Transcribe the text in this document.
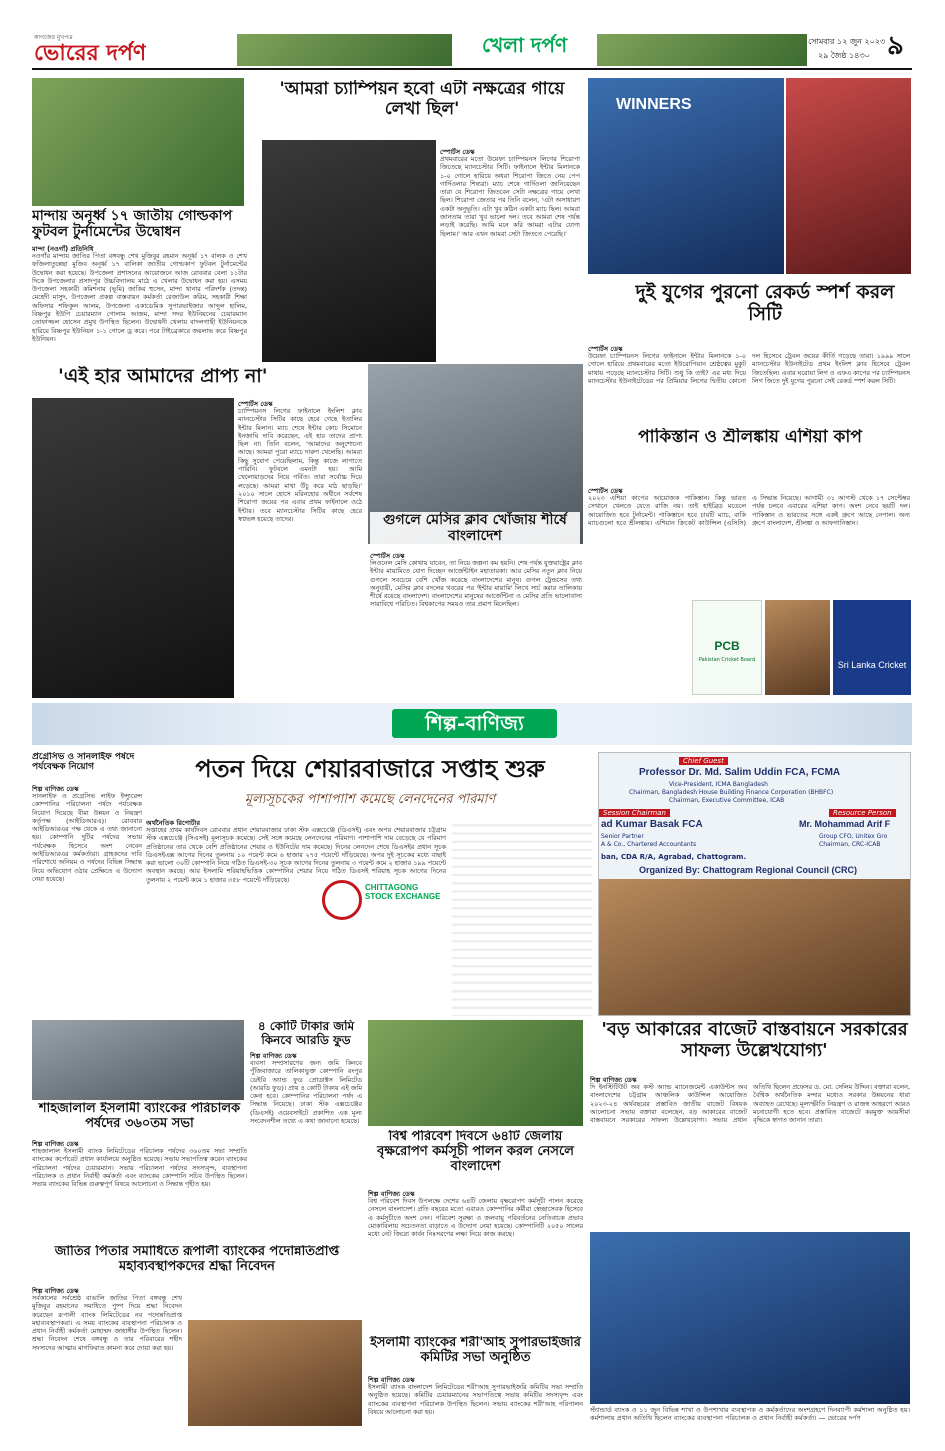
কাগজের মুখপত্র
ভোরের দর্পণ	খেলা দর্পণ	সোমবার ১২ জুন ২০২৩
২৯ জৈষ্ঠ ১৪৩০ ৯
মান্দায় অনূর্ধ্ব ১৭ জাতীয় গোল্ডকাপ ফুটবল টুর্নামেন্টের উদ্বোধন
মান্দা (নওগাঁ) প্রতিনিধি
নওগাঁর মান্দায় জাতির পিতা বঙ্গবন্ধু শেখ মুজিবুর রহমান অনূর্ধ্ব ১৭ বালক ও শেখ ফজিলাতুন্নেছা মুজিব অনূর্ধ্ব ১৭ বালিকা জাতীয় গোল্ডকাপ ফুটবল টুর্নামেন্টের উদ্বোধন করা হয়েছে। উপজেলা প্রশাসনের আয়োজনে আজ রোববার বেলা ১১টার দিকে উপজেলার প্রসাদপুর উচ্চবিদ্যালয় মাঠে এ খেলার উদ্বোধন করা হয়। এসময় উপজেলা সহকারী কমিশনার (ভূমি) জাকির হুসেন, মান্দা থানার পরিদর্শক (তদন্ত) মেহেদী মাসুদ, উপজেলা প্রকল্প বাস্তবায়ন কর্মকর্তা রেজাউল করিম, সহকারী শিক্ষা অফিসার শফিকুল আলম, উপজেলা একাডেমিক সুপারভাইজার আব্দুল হালিম, বিষ্ণপুর ইউপি চেয়ারম্যান গোলাম আজম, মান্দা সদর ইউনিয়নের চেয়ারম্যান তোফাজ্জল হোসেন প্রমুখ উপস্থিত ছিলেন। উদ্বোধনী খেলায় বাদলগাছী ইউনিয়নকে হারিয়ে বিষ্ণপুর ইউনিয়ন ১-১ গোলে ড্র করে। পরে টাইব্রেকারে জয়লাভ করে বিষ্ণপুর ইউনিয়ন।
'আমরা চ্যাম্পিয়ন হবো এটা নক্ষত্রের গায়ে লেখা ছিল'
স্পোর্টস ডেস্ক
প্রথমবারের মতো উয়েফা চ্যাম্পিয়নস লিগের শিরোপা জিতেছে ম্যানচেস্টার সিটি। ফাইনালে ইন্টার মিলানকে ১-০ গোলে হারিয়ে অধরা শিরোপা জিতে নেয় পেপ গার্দিওলার শিষ্যরা। ম্যাচ শেষে গার্দিওলা জানিয়েছেন তারা যে শিরোপা জিতবেন সেটা নক্ষত্রের গায়ে লেখা ছিল। শিরোপা জেতার পর তিনি বলেন, 'এটা অসাধারণ একটা অনুভূতি। এটা খুব কঠিন একটা ম্যাচ ছিল। আমরা জানতাম তারা খুব ভালো দল। তবে আমরা শেষ পর্যন্ত লড়াই করেছি। আমি মনে করি আমরা এটার যোগ্য ছিলাম।' আর এখন আমরা সেটা জিততে পেরেছি।'
WINNERS
দুই যুগের পুরনো রেকর্ড স্পর্শ করল সিটি
স্পোর্টস ডেস্ক
উয়েফা চ্যাম্পিয়নস লিগের ফাইনালে ইন্টার মিলানকে ১-০ গোলে হারিয়ে প্রথমবারের মতো ইউরোপিয়ান শ্রেষ্ঠত্বের মুকুট মাথায় পড়েছে ম্যানচেস্টার সিটি। শুধু কি তাই? এর মধ্য দিয়ে ম্যানচেস্টার ইউনাইটেডের পর প্রিমিয়ার লিগের দ্বিতীয় কোনো দল হিসেবে ট্রেবল জয়ের কীর্তি গড়েছে তারা। ১৯৯৯ সালে ম্যানচেস্টার ইউনাইটেড প্রথম ইংলিশ ক্লাব হিসেবে ট্রেবল জিতেছিল। এবার ঘরোয়া লিগ ও এফএ কাপের পর চ্যাম্পিয়নস লিগ জিতে দুই যুগের পুরনো সেই রেকর্ড স্পর্শ করল সিটি।
'এই হার আমাদের প্রাপ্য না'
স্পোর্টস ডেস্ক
চ্যাম্পিয়নস লিগের ফাইনালে ইংলিশ ক্লাব ম্যানচেস্টার সিটির কাছে হেরে গেছে ইতালির ইন্টার মিলান। ম্যাচ শেষে ইন্টার কোচ সিমোনে ইনজাঘি দাবি করেছেন, এই হার তাদের প্রাপ্য ছিল না। তিনি বলেন, 'আমাদের অনুশোচনা আছে। আমরা পুরো ম্যাচে দারুণ খেলেছি। আমরা কিছু সুযোগ পেয়েছিলাম, কিন্তু কাজে লাগাতে পারিনি। ফুটবলে এমনটা হয়। আমি খেলোয়াড়দের নিয়ে গর্বিত। তারা সর্বোচ্চ দিয়ে লড়েছে। আমরা মাথা উঁচু করে মাঠ ছাড়ছি।' ২০১০ সালে হোসে মরিনহোর অধীনে সর্বশেষ শিরোপা জয়ের পর এবার প্রথম ফাইনালে ওঠে ইন্টার। তবে ম্যানচেস্টার সিটির কাছে হেরে স্বপ্নভঙ্গ হয়েছে তাদের।	গুগলে মেসির ক্লাব খোঁজায় শীর্ষে বাংলাদেশ
স্পোর্টস ডেস্ক
লিওনেল মেসি কোথায় যাবেন, তা নিয়ে জল্পনা কম হয়নি। শেষ পর্যন্ত যুক্তরাষ্ট্রের ক্লাব ইন্টার মায়ামিতে যোগ দিচ্ছেন আর্জেন্টাইন মহাতারকা। আর মেসির নতুন ক্লাব নিয়ে গুগলে সবচেয়ে বেশি খোঁজ করেছে বাংলাদেশের মানুষ। গুগল ট্রেন্ডসের তথ্য অনুযায়ী, মেসির ক্লাব বদলের খবরের পর 'ইন্টার মায়ামি' লিখে সার্চ করার তালিকায় শীর্ষে রয়েছে বাংলাদেশ। বাংলাদেশের মানুষের আর্জেন্টিনা ও মেসির প্রতি ভালোবাসা সারাবিশ্বে পরিচিত। বিশ্বকাপের সময়ও তার প্রমাণ মিলেছিল।
পাকিস্তান ও শ্রীলঙ্কায় এশিয়া কাপ
স্পোর্টস ডেস্ক
২০২৩ এশিয়া কাপের আয়োজক পাকিস্তান। কিন্তু ভারত সেখানে খেলতে যেতে রাজি নয়। তাই হাইব্রিড মডেলে আয়োজিত হবে টুর্নামেন্ট। পাকিস্তানে হবে চারটি ম্যাচ, বাকি ম্যাচগুলো হবে শ্রীলঙ্কায়। এশিয়ান ক্রিকেট কাউন্সিল (এসিসি) এ সিদ্ধান্ত নিয়েছে। আগামী ৩১ আগস্ট থেকে ১৭ সেপ্টেম্বর পর্যন্ত চলবে এবারের এশিয়া কাপ। অংশ নেবে ছয়টি দল। পাকিস্তান ও ভারতের সঙ্গে একই গ্রুপে আছে নেপাল। অন্য গ্রুপে বাংলাদেশ, শ্রীলঙ্কা ও আফগানিস্তান।
PCB
Pakistan Cricket Board	Sri Lanka Cricket
শিল্প-বাণিজ্য
প্রগ্রেসিভ ও সানলাইফ পর্ষদে পর্যবেক্ষক নিয়োগ
শিল্প বাণিজ্য ডেস্ক
সানলাইফ ও প্রগ্রেসিভ লাইফ ইন্স্যুরেন্স কোম্পানির পরিচালনা পর্ষদে পর্যবেক্ষক নিয়োগ দিয়েছে বীমা উন্নয়ন ও নিয়ন্ত্রণ কর্তৃপক্ষ (আইডিআরএ)। রোববার আইডিআরএর পক্ষ থেকে এ তথ্য জানানো হয়। কোম্পানি দুটির পর্ষদের সভায় পর্যবেক্ষক হিসেবে অংশ নেবেন আইডিআরএর কর্মকর্তারা। গ্রাহকদের দাবি পরিশোধে অনিয়ম ও পর্ষদের বিভিন্ন সিদ্ধান্ত নিয়ে অভিযোগ ওঠার প্রেক্ষিতে এ উদ্যোগ নেয়া হয়েছে।
পতন দিয়ে শেয়ারবাজারে সপ্তাহ শুরু
মূল্যসূচকের পাশাপাশি কমেছে লেনদেনের পরিমাণ
অর্থনৈতিক রিপোর্টার
সপ্তাহের প্রথম কার্যদিবস রোববার প্রধান শেয়ারবাজার ঢাকা স্টক এক্সচেঞ্জে (ডিএসই) এবং অপর শেয়ারবাজার চট্টগ্রাম স্টক এক্সচেঞ্জে (সিএসই) মূল্যসূচক কমেছে। সেই সঙ্গে কমেছে লেনদেনের পরিমাণ। পাশাপাশি দাম বেড়েছে যে পরিমাণ প্রতিষ্ঠানের তার থেকে বেশি প্রতিষ্ঠানের শেয়ার ও ইউনিটের দাম কমেছে। দিনের লেনদেন শেষে ডিএসইর প্রধান সূচক ডিএসইএক্স আগের দিনের তুলনায় ১০ পয়েন্ট কমে ৬ হাজার ২৭৫ পয়েন্টে দাঁড়িয়েছে। অপর দুই সূচকের মধ্যে বাছাই করা ভালো ৩০টি কোম্পানি নিয়ে গঠিত ডিএসই-৩০ সূচক আগের দিনের তুলনায় ৩ পয়েন্ট কমে ২ হাজার ১৯৯ পয়েন্টে অবস্থান করছে। আর ইসলামি শরিয়াহভিত্তিক কোম্পানির শেয়ার নিয়ে গঠিত ডিএসই শরিয়াহ সূচক আগের দিনের তুলনায় ২ পয়েন্ট কমে ১ হাজার ৩৫৮ পয়েন্টে দাঁড়িয়েছে।
CHITTAGONG STOCK EXCHANGE
Chief Guest
Professor Dr. Md. Salim Uddin FCA, FCMA
Vice-President, ICMA Bangladesh
Chairman, Bangladesh House Building Finance Corporation (BHBFC)
Chairman, Executive Committee, ICAB
Session Chairman
ad Kumar Basak FCA
Senior Partner
A & Co., Chartered Accountants
Resource Person
Mr. Mohammad Arif F
Group CFO, Unitex Gro
Chairman, CRC-ICAB
ban, CDA R/A, Agrabad, Chattogram.
Organized By: Chattogram Regional Council (CRC)
'বড় আকারের বাজেট বাস্তবায়নে সরকারের সাফল্য উল্লেখযোগ্য'
শিল্প বাণিজ্য ডেস্ক
দি ইনস্টিটিউট অব কস্ট অ্যান্ড ম্যানেজমেন্ট একাউন্টস অব বাংলাদেশের চট্টগ্রাম আঞ্চলিক কাউন্সিল আয়োজিত ২০২৩-২৪ অর্থবছরের প্রস্তাবিত জাতীয় বাজেট বিষয়ক আলোচনা সভায় বক্তারা বলেছেন, বড় আকারের বাজেট বাস্তবায়নে সরকারের সাফল্য উল্লেখযোগ্য। সভায় প্রধান অতিথি ছিলেন প্রফেসর ড. মো. সেলিম উদ্দিন। বক্তারা বলেন, বৈশ্বিক অর্থনৈতিক মন্দার মধ্যেও সরকার উন্নয়নের ধারা অব্যাহত রেখেছে। মূল্যস্ফীতি নিয়ন্ত্রণ ও রাজস্ব আহরণে আরও মনোযোগী হতে হবে। প্রস্তাবিত বাজেটে করমুক্ত আয়সীমা বৃদ্ধিকে স্বাগত জানান তারা।
৪ কোটি টাকার জমি কিনবে আরডি ফুড
শিল্প বাণিজ্য ডেস্ক
ব্যবসা সম্প্রসারণের জন্য জমি কিনবে পুঁজিবাজারে তালিকাভুক্ত কোম্পানি রংপুর ডেইরি অ্যান্ড ফুড প্রোডাক্টস লিমিটেড (আরডি ফুড)। প্রায় ৪ কোটি টাকায় এই জমি কেনা হবে। কোম্পানির পরিচালনা পর্ষদ এ সিদ্ধান্ত নিয়েছে। ঢাকা স্টক এক্সচেঞ্জের (ডিএসই) ওয়েবসাইটে প্রকাশিত এক মূল্য সংবেদনশীল তথ্যে এ কথা জানানো হয়েছে।
শাহজালাল ইসলামী ব্যাংকের পরিচালক পর্ষদের ৩৬০তম সভা
শিল্প বাণিজ্য ডেস্ক
শাহজালাল ইসলামী ব্যাংক লিমিটেডের পরিচালক পর্ষদের ৩৬০তম সভা সম্প্রতি ব্যাংকের কর্পোরেট প্রধান কার্যালয়ে অনুষ্ঠিত হয়েছে। সভায় সভাপতিত্ব করেন ব্যাংকের পরিচালনা পর্ষদের চেয়ারম্যান। সভায় পরিচালনা পর্ষদের সদস্যবৃন্দ, ব্যবস্থাপনা পরিচালক ও প্রধান নির্বাহী কর্মকর্তা এবং ব্যাংকের কোম্পানি সচিব উপস্থিত ছিলেন। সভায় ব্যাংকের বিভিন্ন গুরুত্বপূর্ণ বিষয়ে আলোচনা ও সিদ্ধান্ত গৃহীত হয়।
বিশ্ব পরিবেশ দিবসে ৬৪টি জেলায় বৃক্ষরোপণ কর্মসূচী পালন করল নেসলে বাংলাদেশ
শিল্প বাণিজ্য ডেস্ক
বিশ্ব পরিবেশ দিবস উপলক্ষে দেশের ৬৪টি জেলায় বৃক্ষরোপণ কর্মসূচী পালন করেছে নেসলে বাংলাদেশ। প্রতি বছরের মতো এবারও কোম্পানির কর্মীরা স্বেচ্ছাসেবক হিসেবে এ কর্মসূচীতে অংশ নেন। পরিবেশ সুরক্ষা ও জলবায়ু পরিবর্তনের নেতিবাচক প্রভাব মোকাবিলায় সচেতনতা বাড়াতে এ উদ্যোগ নেয়া হয়েছে। কোম্পানিটি ২০৫০ সালের মধ্যে নেট জিরো কার্বন নিঃসরণের লক্ষ্য নিয়ে কাজ করছে।
জাতির পিতার সমাধিতে রূপালী ব্যাংকের পদোন্নতিপ্রাপ্ত মহাব্যবস্থাপকদের শ্রদ্ধা নিবেদন
শিল্প বাণিজ্য ডেস্ক
সর্বকালের সর্বশ্রেষ্ঠ বাঙালি জাতির পিতা বঙ্গবন্ধু শেখ মুজিবুর রহমানের সমাধিতে পুষ্প দিয়ে শ্রদ্ধা নিবেদন করেছেন রূপালী ব্যাংক লিমিটেডের নব পদোন্নতিপ্রাপ্ত মহাব্যবস্থাপকরা। এ সময় ব্যাংকের ব্যবস্থাপনা পরিচালক ও প্রধান নির্বাহী কর্মকর্তা মোহাম্মদ জাহাঙ্গীর উপস্থিত ছিলেন। শ্রদ্ধা নিবেদন শেষে বঙ্গবন্ধু ও তার পরিবারের শহীদ সদস্যদের আত্মার মাগফিরাত কামনা করে দোয়া করা হয়।	ইসলামী ব্যাংকের শরী'আহ সুপারভাইজরি কমিটির সভা অনুষ্ঠিত
শিল্প বাণিজ্য ডেস্ক
ইসলামী ব্যাংক বাংলাদেশ লিমিটেডের শরী'আহ সুপারভাইজরি কমিটির সভা সম্প্রতি অনুষ্ঠিত হয়েছে। কমিটির চেয়ারম্যানের সভাপতিত্বে সভায় কমিটির সদস্যবৃন্দ এবং ব্যাংকের ব্যবস্থাপনা পরিচালক উপস্থিত ছিলেন। সভায় ব্যাংকের শরী'আহ পরিপালন বিষয়ে আলোচনা করা হয়।	স্ট্যান্ডার্ড ব্যাংক ও ১১ জুন বিভিন্ন শাখা ও উপশাখার ব্যবস্থাপক ও কর্মকর্তাদের অংশগ্রহণে দিনব্যাপী কর্মশালা অনুষ্ঠিত হয়। কর্মশালায় প্রধান অতিথি ছিলেন ব্যাংকের ব্যবস্থাপনা পরিচালক ও প্রধান নির্বাহী কর্মকর্তা। — ভোরের দর্পণ
